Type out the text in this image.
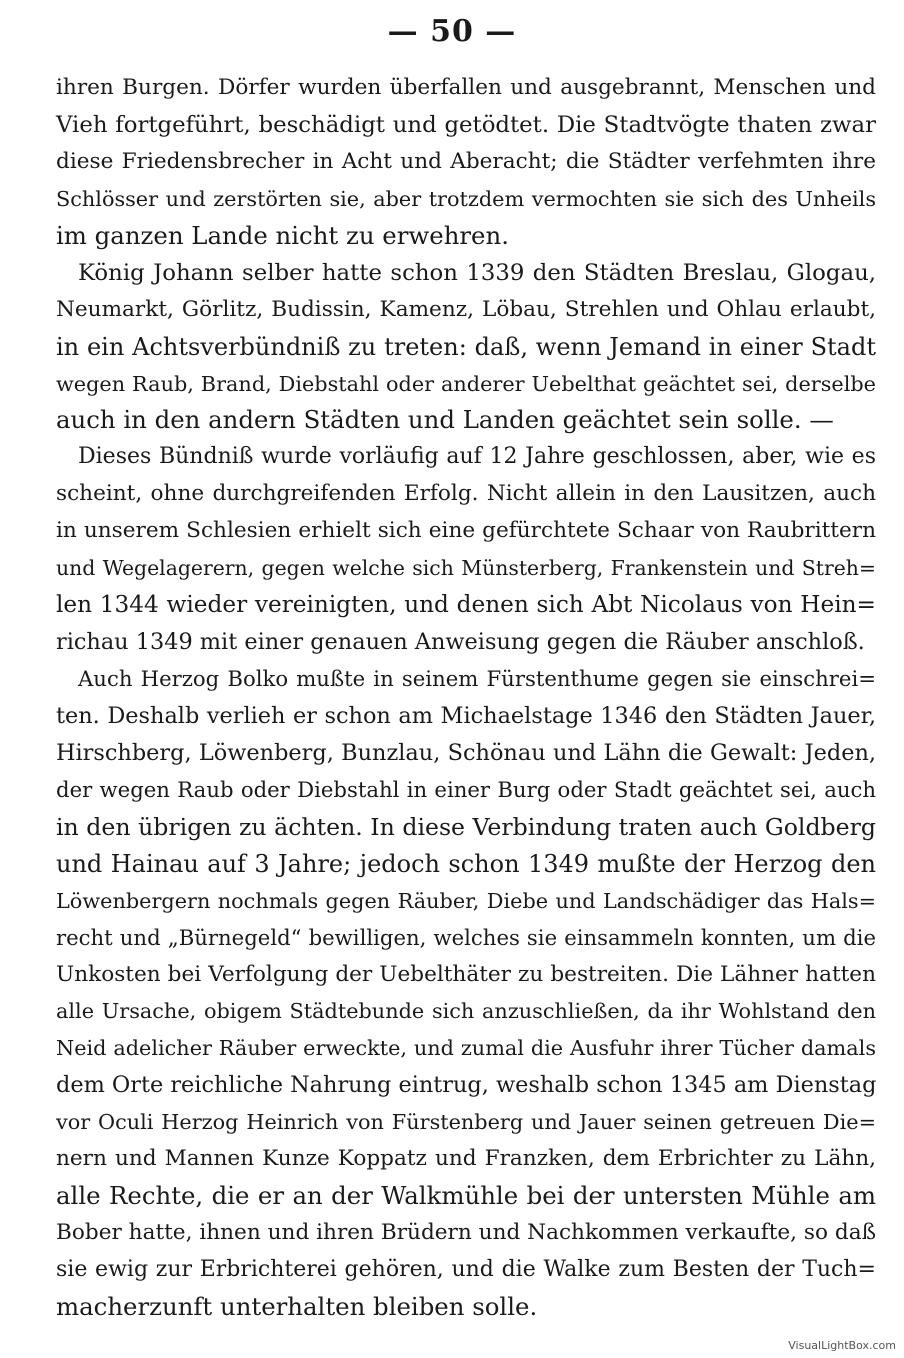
— 50 —
ihren Burgen. Dörfer wurden überfallen und ausgebrannt, Menschen und
Vieh fortgeführt, beschädigt und getödtet. Die Stadtvögte thaten zwar
diese Friedensbrecher in Acht und Aberacht; die Städter verfehmten ihre
Schlösser und zerstörten sie, aber trotzdem vermochten sie sich des Unheils
im ganzen Lande nicht zu erwehren.
König Johann selber hatte schon 1339 den Städten Breslau, Glogau,
Neumarkt, Görlitz, Budissin, Kamenz, Löbau, Strehlen und Ohlau erlaubt,
in ein Achtsverbündniß zu treten: daß, wenn Jemand in einer Stadt
wegen Raub, Brand, Diebstahl oder anderer Uebelthat geächtet sei, derselbe
auch in den andern Städten und Landen geächtet sein solle. —
Dieses Bündniß wurde vorläufig auf 12 Jahre geschlossen, aber, wie es
scheint, ohne durchgreifenden Erfolg. Nicht allein in den Lausitzen, auch
in unserem Schlesien erhielt sich eine gefürchtete Schaar von Raubrittern
und Wegelagerern, gegen welche sich Münsterberg, Frankenstein und Streh=
len 1344 wieder vereinigten, und denen sich Abt Nicolaus von Hein=
richau 1349 mit einer genauen Anweisung gegen die Räuber anschloß.
Auch Herzog Bolko mußte in seinem Fürstenthume gegen sie einschrei=
ten. Deshalb verlieh er schon am Michaelstage 1346 den Städten Jauer,
Hirschberg, Löwenberg, Bunzlau, Schönau und Lähn die Gewalt: Jeden,
der wegen Raub oder Diebstahl in einer Burg oder Stadt geächtet sei, auch
in den übrigen zu ächten. In diese Verbindung traten auch Goldberg
und Hainau auf 3 Jahre; jedoch schon 1349 mußte der Herzog den
Löwenbergern nochmals gegen Räuber, Diebe und Landschädiger das Hals=
recht und „Bürnegeld“ bewilligen, welches sie einsammeln konnten, um die
Unkosten bei Verfolgung der Uebelthäter zu bestreiten. Die Lähner hatten
alle Ursache, obigem Städtebunde sich anzuschließen, da ihr Wohlstand den
Neid adelicher Räuber erweckte, und zumal die Ausfuhr ihrer Tücher damals
dem Orte reichliche Nahrung eintrug, weshalb schon 1345 am Dienstag
vor Oculi Herzog Heinrich von Fürstenberg und Jauer seinen getreuen Die=
nern und Mannen Kunze Koppatz und Franzken, dem Erbrichter zu Lähn,
alle Rechte, die er an der Walkmühle bei der untersten Mühle am
Bober hatte, ihnen und ihren Brüdern und Nachkommen verkaufte, so daß
sie ewig zur Erbrichterei gehören, und die Walke zum Besten der Tuch=
macherzunft unterhalten bleiben solle.
VisualLightBox.com
